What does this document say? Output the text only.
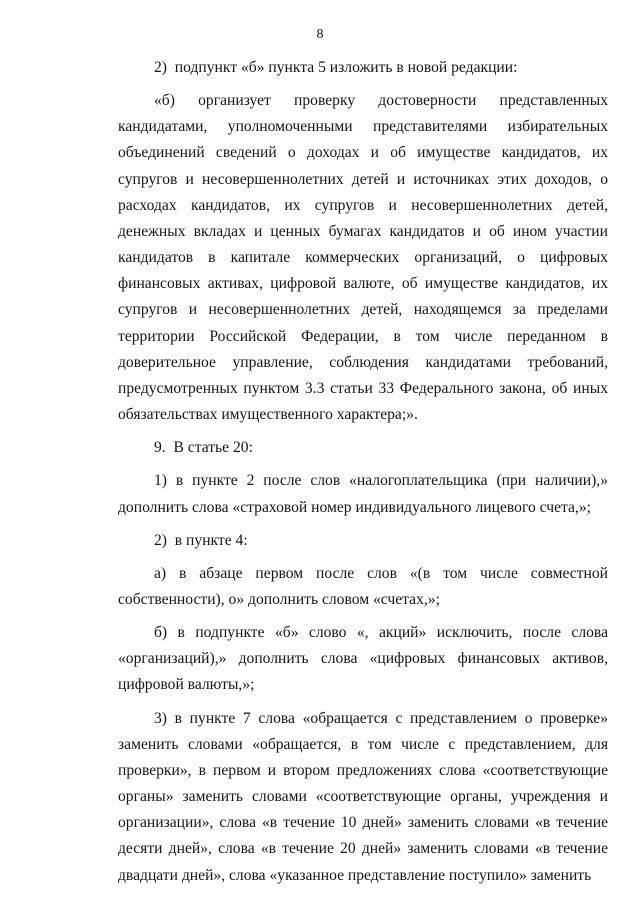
8

2)  подпункт «б» пункта 5 изложить в новой редакции:

«б) организует проверку достоверности представленных кандидатами, уполномоченными представителями избирательных объединений сведений о доходах и об имуществе кандидатов, их супругов и несовершеннолетних детей и источниках этих доходов, о расходах кандидатов, их супругов и несовершеннолетних детей, денежных вкладах и ценных бумагах кандидатов и об ином участии кандидатов в капитале коммерческих организаций, о цифровых финансовых активах, цифровой валюте, об имуществе кандидатов, их супругов и несовершеннолетних детей, находящемся за пределами территории Российской Федерации, в том числе переданном в доверительное управление, соблюдения кандидатами требований, предусмотренных пунктом 3.3 статьи 33 Федерального закона, об иных обязательствах имущественного характера;».

9.  В статье 20:

1) в пункте 2 после слов «налогоплательщика (при наличии),» дополнить слова «страховой номер индивидуального лицевого счета,»;

2)  в пункте 4:

а) в абзаце первом после слов «(в том числе совместной собственности), о» дополнить словом «счетах,»;

б) в подпункте «б» слово «, акций» исключить, после слова «организаций),» дополнить слова «цифровых финансовых активов, цифровой валюты,»;

3) в пункте 7 слова «обращается с представлением о проверке» заменить словами «обращается, в том числе с представлением, для проверки», в первом и втором предложениях слова «соответствующие органы» заменить словами «соответствующие органы, учреждения и организации», слова «в течение 10 дней» заменить словами «в течение десяти дней», слова «в течение 20 дней» заменить словами «в течение двадцати дней», слова «указанное представление поступило» заменить
